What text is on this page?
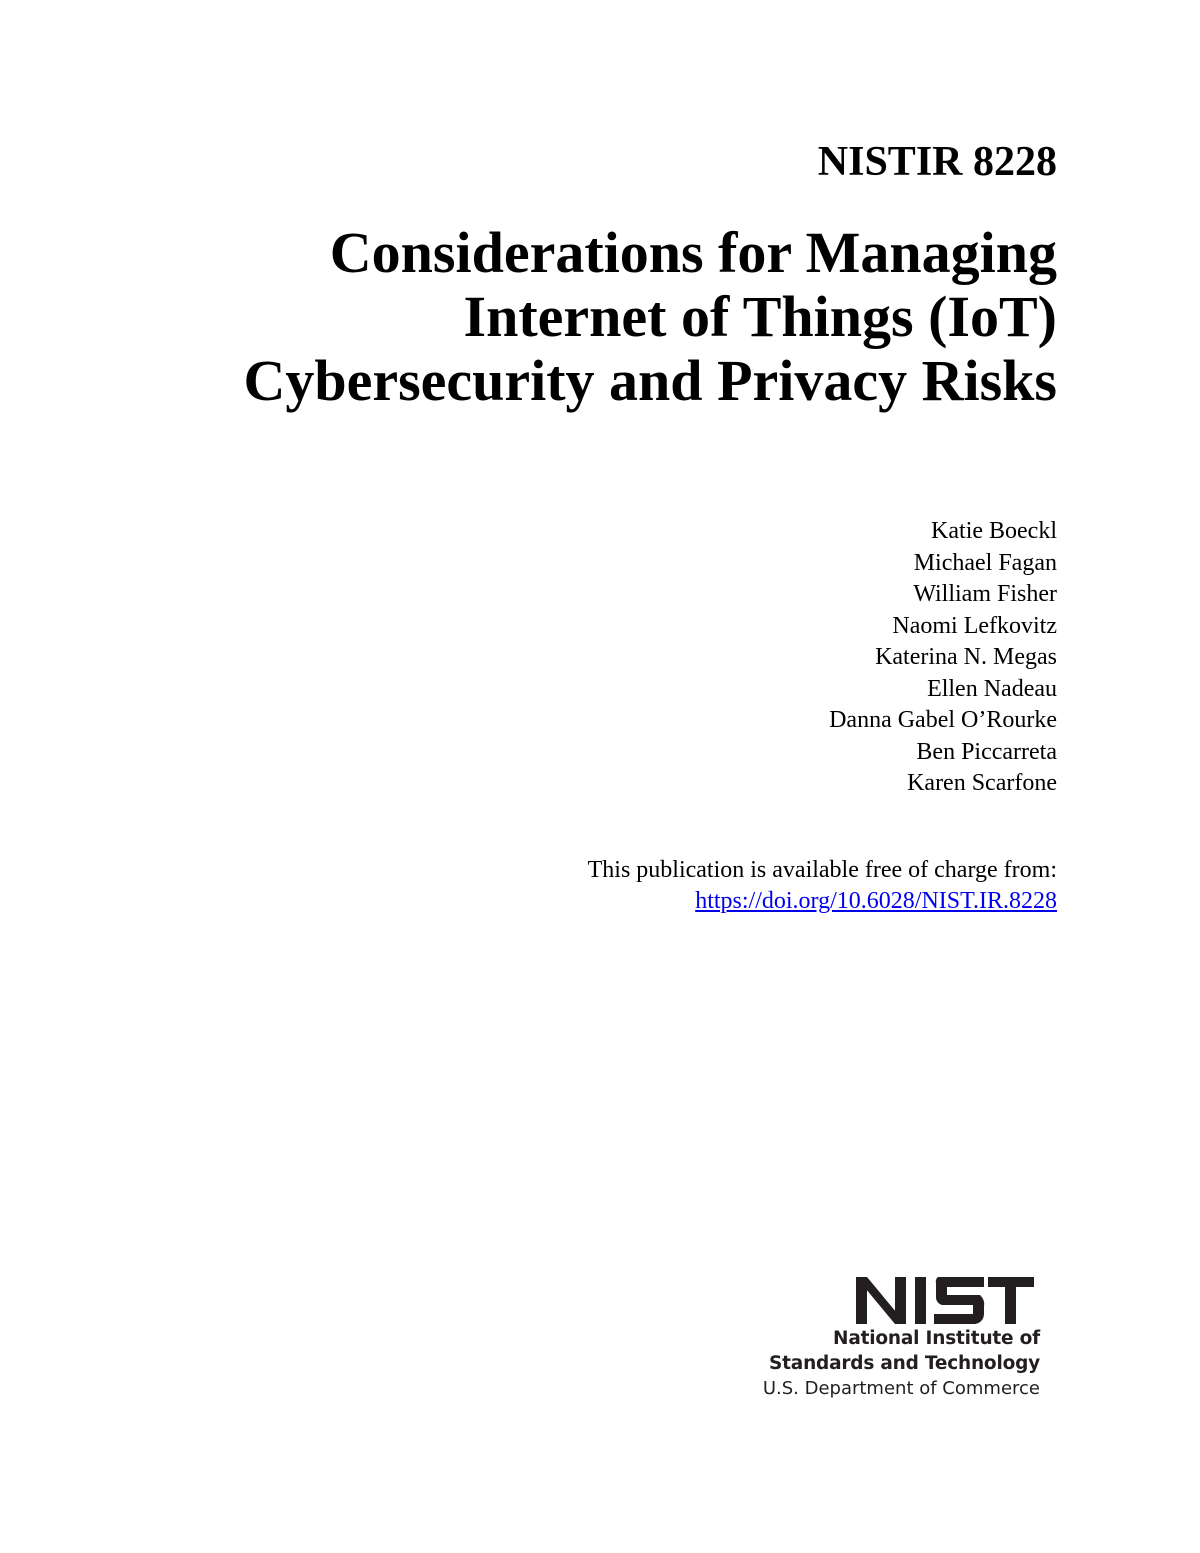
NISTIR 8228
Considerations for Managing
Internet of Things (IoT)
Cybersecurity and Privacy Risks
Katie Boeckl
Michael Fagan
William Fisher
Naomi Lefkovitz
Katerina N. Megas
Ellen Nadeau
Danna Gabel O’Rourke
Ben Piccarreta
Karen Scarfone
This publication is available free of charge from:
https://doi.org/10.6028/NIST.IR.8228
National Institute of
Standards and Technology
U.S. Department of Commerce
